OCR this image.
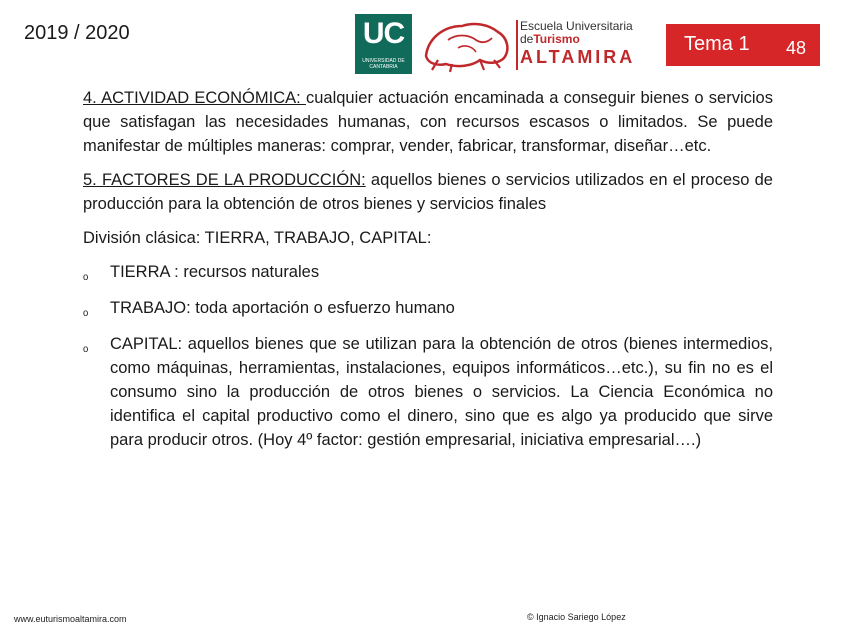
2019 / 2020	UC
UNIVERSIDAD DE CANTABRIA
Escuela Universitaria
deTurismo
ALTAMIRA
Tema 1 48

4. ACTIVIDAD ECONÓMICA: cualquier actuación encaminada a conseguir bienes o servicios que satisfagan las necesidades humanas, con recursos escasos o limitados. Se puede manifestar de múltiples maneras: comprar, vender, fabricar, transformar, diseñar…etc.

5. FACTORES DE LA PRODUCCIÓN: aquellos bienes o servicios utilizados en el proceso de producción para la obtención de otros bienes y servicios finales

División clásica: TIERRA, TRABAJO, CAPITAL:

ₒ TIERRA : recursos naturales
ₒ TRABAJO: toda aportación o esfuerzo humano
ₒ CAPITAL: aquellos bienes que se utilizan para la obtención de otros (bienes intermedios, como máquinas, herramientas, instalaciones, equipos informáticos…etc.), su fin no es el consumo sino la producción de otros bienes o servicios. La Ciencia Económica no identifica el capital productivo como el dinero, sino que es algo ya producido que sirve para producir otros. (Hoy 4º factor: gestión empresarial, iniciativa empresarial….)
www.euturismoaltamira.com	© Ignacio Sariego López
